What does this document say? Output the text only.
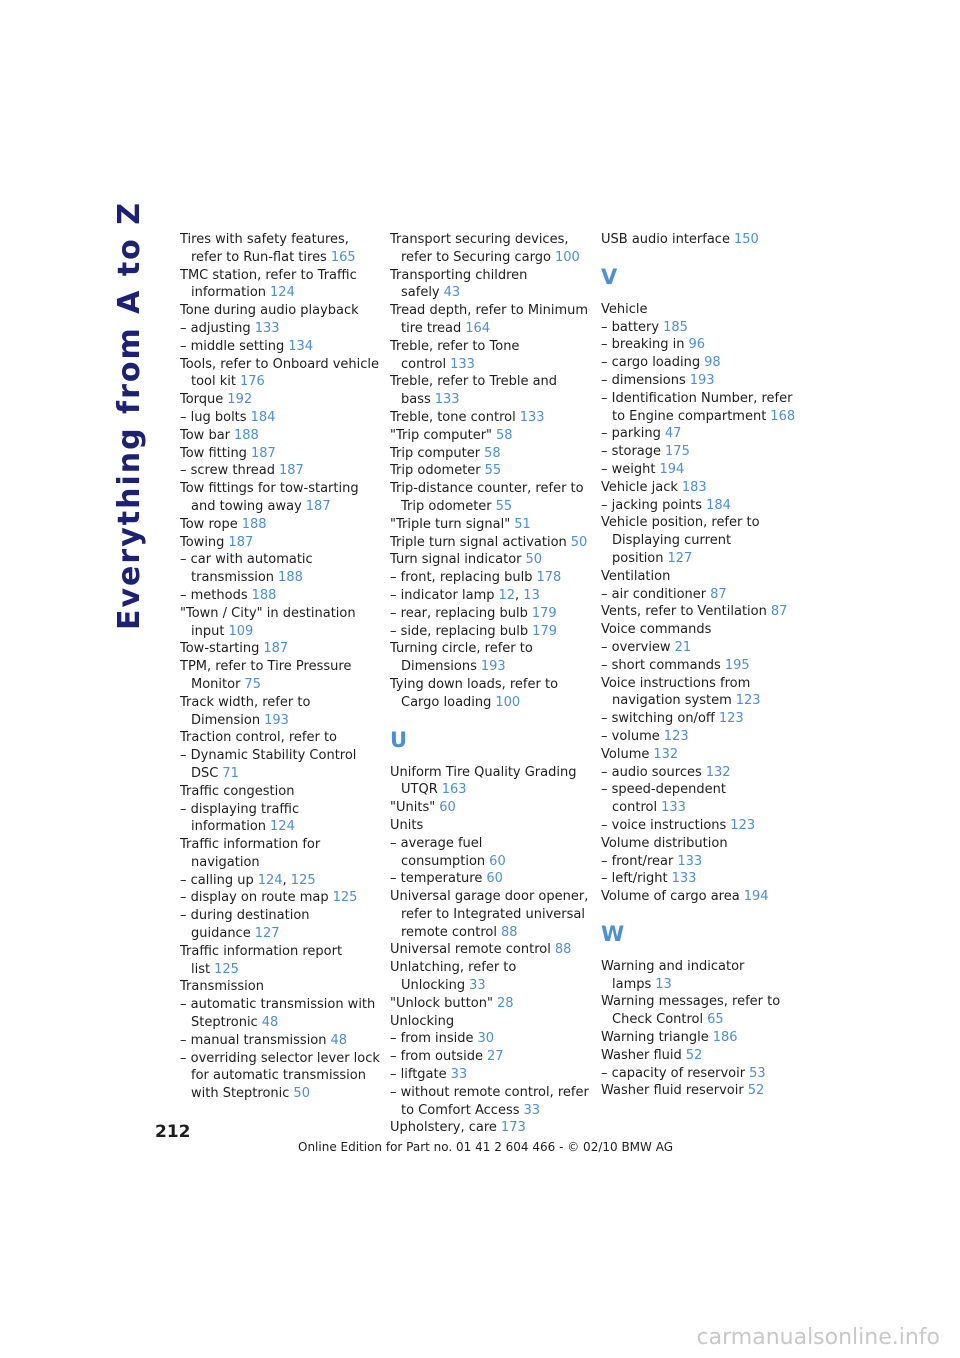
Everything from A to Z	Tires with safety features, refer to Run-flat tires 165
TMC station, refer to Traffic information 124
Tone during audio playback
– adjusting 133
– middle setting 134
Tools, refer to Onboard vehicle tool kit 176
Torque 192
– lug bolts 184
Tow bar 188
Tow fitting 187
– screw thread 187
Tow fittings for tow-starting and towing away 187
Tow rope 188
Towing 187
– car with automatic transmission 188
– methods 188
"Town / City" in destination input 109
Tow-starting 187
TPM, refer to Tire Pressure Monitor 75
Track width, refer to Dimension 193
Traction control, refer to
– Dynamic Stability Control DSC 71
Traffic congestion
– displaying traffic information 124
Traffic information for navigation
– calling up 124, 125
– display on route map 125
– during destination guidance 127
Traffic information report list 125
Transmission
– automatic transmission with Steptronic 48
– manual transmission 48
– overriding selector lever lock for automatic transmission with Steptronic 50
Transport securing devices, refer to Securing cargo 100
Transporting children safely 43
Tread depth, refer to Minimum tire tread 164
Treble, refer to Tone control 133
Treble, refer to Treble and bass 133
Treble, tone control 133
"Trip computer" 58
Trip computer 58
Trip odometer 55
Trip-distance counter, refer to Trip odometer 55
"Triple turn signal" 51
Triple turn signal activation 50
Turn signal indicator 50
– front, replacing bulb 178
– indicator lamp 12, 13
– rear, replacing bulb 179
– side, replacing bulb 179
Turning circle, refer to Dimensions 193
Tying down loads, refer to Cargo loading 100
U
Uniform Tire Quality Grading UTQR 163
"Units" 60
Units
– average fuel consumption 60
– temperature 60
Universal garage door opener, refer to Integrated universal remote control 88
Universal remote control 88
Unlatching, refer to Unlocking 33
"Unlock button" 28
Unlocking
– from inside 30
– from outside 27
– liftgate 33
– without remote control, refer to Comfort Access 33
Upholstery, care 173
USB audio interface 150
V
Vehicle
– battery 185
– breaking in 96
– cargo loading 98
– dimensions 193
– Identification Number, refer to Engine compartment 168
– parking 47
– storage 175
– weight 194
Vehicle jack 183
– jacking points 184
Vehicle position, refer to Displaying current position 127
Ventilation
– air conditioner 87
Vents, refer to Ventilation 87
Voice commands
– overview 21
– short commands 195
Voice instructions from navigation system 123
– switching on/off 123
– volume 123
Volume 132
– audio sources 132
– speed-dependent control 133
– voice instructions 123
Volume distribution
– front/rear 133
– left/right 133
Volume of cargo area 194
W
Warning and indicator lamps 13
Warning messages, refer to Check Control 65
Warning triangle 186
Washer fluid 52
– capacity of reservoir 53
Washer fluid reservoir 52
212
Online Edition for Part no. 01 41 2 604 466 - © 02/10 BMW AG
carmanualsonline.info
